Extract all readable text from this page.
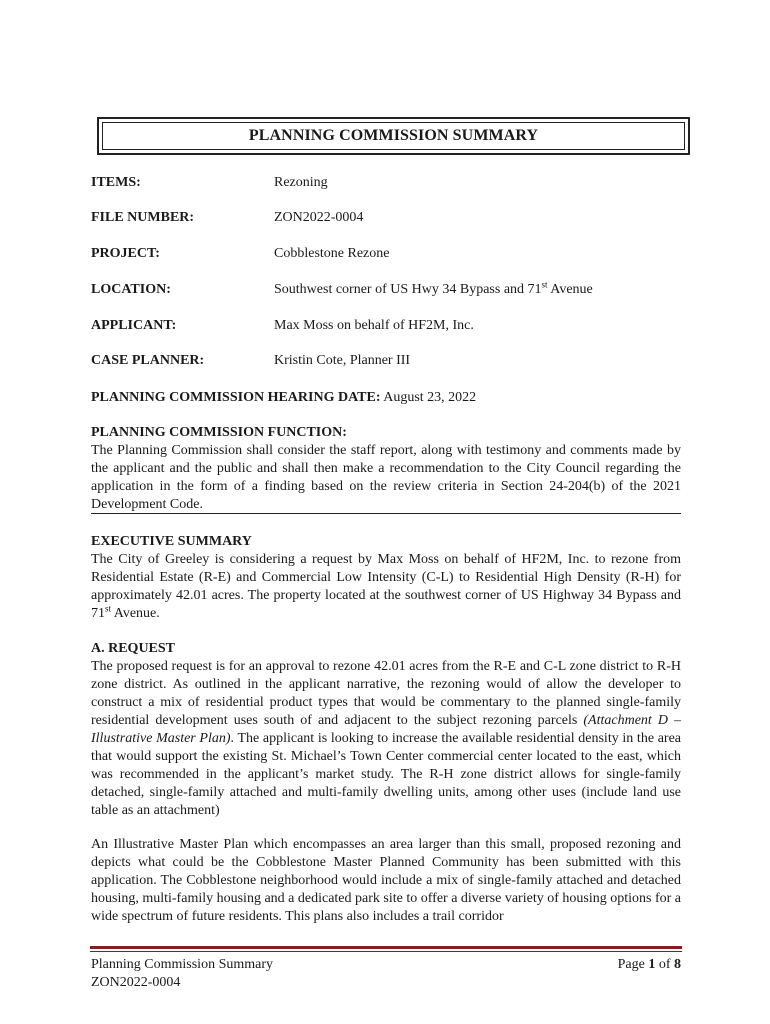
PLANNING COMMISSION SUMMARY
ITEMS:	Rezoning
FILE NUMBER:	ZON2022-0004
PROJECT:	Cobblestone Rezone
LOCATION:	Southwest corner of US Hwy 34 Bypass and 71st Avenue
APPLICANT:	Max Moss on behalf of HF2M, Inc.
CASE PLANNER:	Kristin Cote, Planner III
PLANNING COMMISSION HEARING DATE: August 23, 2022
PLANNING COMMISSION FUNCTION:
The Planning Commission shall consider the staff report, along with testimony and comments made by the applicant and the public and shall then make a recommendation to the City Council regarding the application in the form of a finding based on the review criteria in Section 24-204(b) of the 2021 Development Code.
EXECUTIVE SUMMARY
The City of Greeley is considering a request by Max Moss on behalf of HF2M, Inc. to rezone from Residential Estate (R-E) and Commercial Low Intensity (C-L) to Residential High Density (R-H) for approximately 42.01 acres. The property located at the southwest corner of US Highway 34 Bypass and 71st Avenue.
A. REQUEST
The proposed request is for an approval to rezone 42.01 acres from the R-E and C-L zone district to R-H zone district. As outlined in the applicant narrative, the rezoning would of allow the developer to construct a mix of residential product types that would be commentary to the planned single-family residential development uses south of and adjacent to the subject rezoning parcels (Attachment D – Illustrative Master Plan). The applicant is looking to increase the available residential density in the area that would support the existing St. Michael’s Town Center commercial center located to the east, which was recommended in the applicant’s market study. The R-H zone district allows for single-family detached, single-family attached and multi-family dwelling units, among other uses (include land use table as an attachment)
An Illustrative Master Plan which encompasses an area larger than this small, proposed rezoning and depicts what could be the Cobblestone Master Planned Community has been submitted with this application. The Cobblestone neighborhood would include a mix of single-family attached and detached housing, multi-family housing and a dedicated park site to offer a diverse variety of housing options for a wide spectrum of future residents. This plans also includes a trail corridor
Planning Commission Summary
ZON2022-0004
Page 1 of 8
